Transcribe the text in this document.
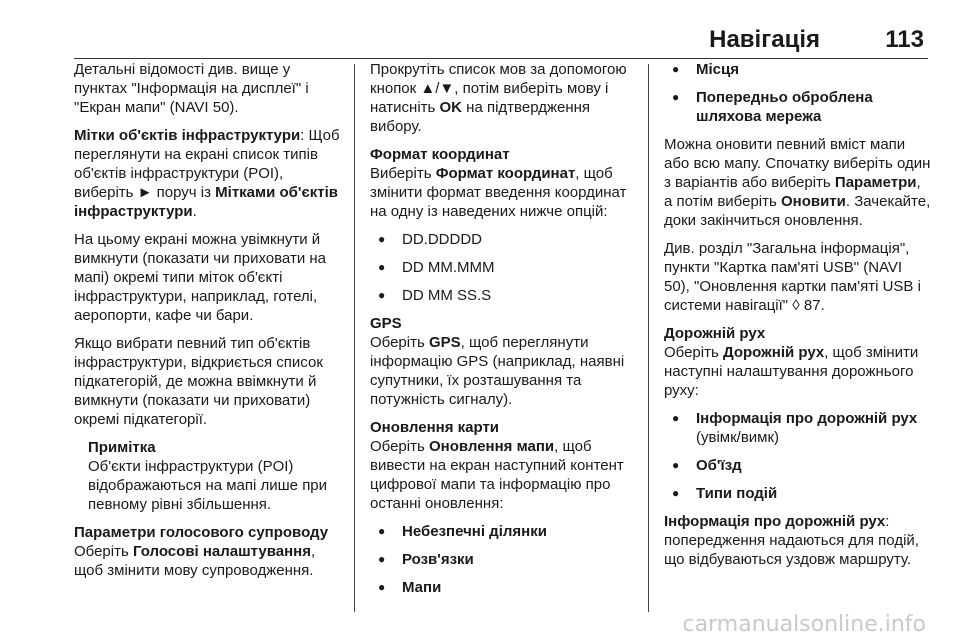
Навігація	113

Детальні відомості див. вище у пунктах "Інформація на дисплеї" і "Екран мапи" (NAVI 50).

Мітки об'єктів інфраструктури: Щоб переглянути на екрані список типів об'єктів інфраструктури (POI), виберіть ► поруч із Мітками об'єктів інфраструктури.

На цьому екрані можна увімкнути й вимкнути (показати чи приховати на мапі) окремі типи міток об'єкті інфраструктури, наприклад, готелі, аеропорти, кафе чи бари.

Якщо вибрати певний тип об'єктів інфраструктури, відкриється список підкатегорій, де можна ввімкнути й вимкнути (показати чи приховати) окремі підкатегорії.

Примітка
Об'єкти інфраструктури (POI) відображаються на мапі лише при певному рівні збільшення.
Параметри голосового супроводу

Оберіть Голосові налаштування, щоб змінити мову супроводження.

Прокрутіть список мов за допомогою кнопок ▲/▼, потім виберіть мову і натисніть OK на підтвердження вибору.

Формат координат

Виберіть Формат координат, щоб змінити формат введення координат на одну із наведених нижче опцій:

● DD.DDDDD
● DD MM.MMM
● DD MM SS.S
GPS

Оберіть GPS, щоб переглянути інформацію GPS (наприклад, наявні супутники, їх розташування та потужність сигналу).

Оновлення карти

Оберіть Оновлення мапи, щоб вивести на екран наступний контент цифрової мапи та інформацію про останні оновлення:

● Небезпечні ділянки
● Розв'язки
● Мапи
● Місця
● Попередньо оброблена шляхова мережа

Можна оновити певний вміст мапи або всю мапу. Спочатку виберіть один з варіантів або виберіть Параметри, а потім виберіть Оновити. Зачекайте, доки закінчиться оновлення.

Див. розділ "Загальна інформація", пункти "Картка пам'яті USB" (NAVI 50), "Оновлення картки пам'яті USB і системи навігації" ◊ 87.

Дорожній рух

Оберіть Дорожній рух, щоб змінити наступні налаштування дорожнього руху:

● Інформація про дорожній рух
(увімк/вимк)
● Об'їзд
● Типи подій

Інформація про дорожній рух: попередження надаються для подій, що відбуваються уздовж маршруту.

carmanualsonline.info
